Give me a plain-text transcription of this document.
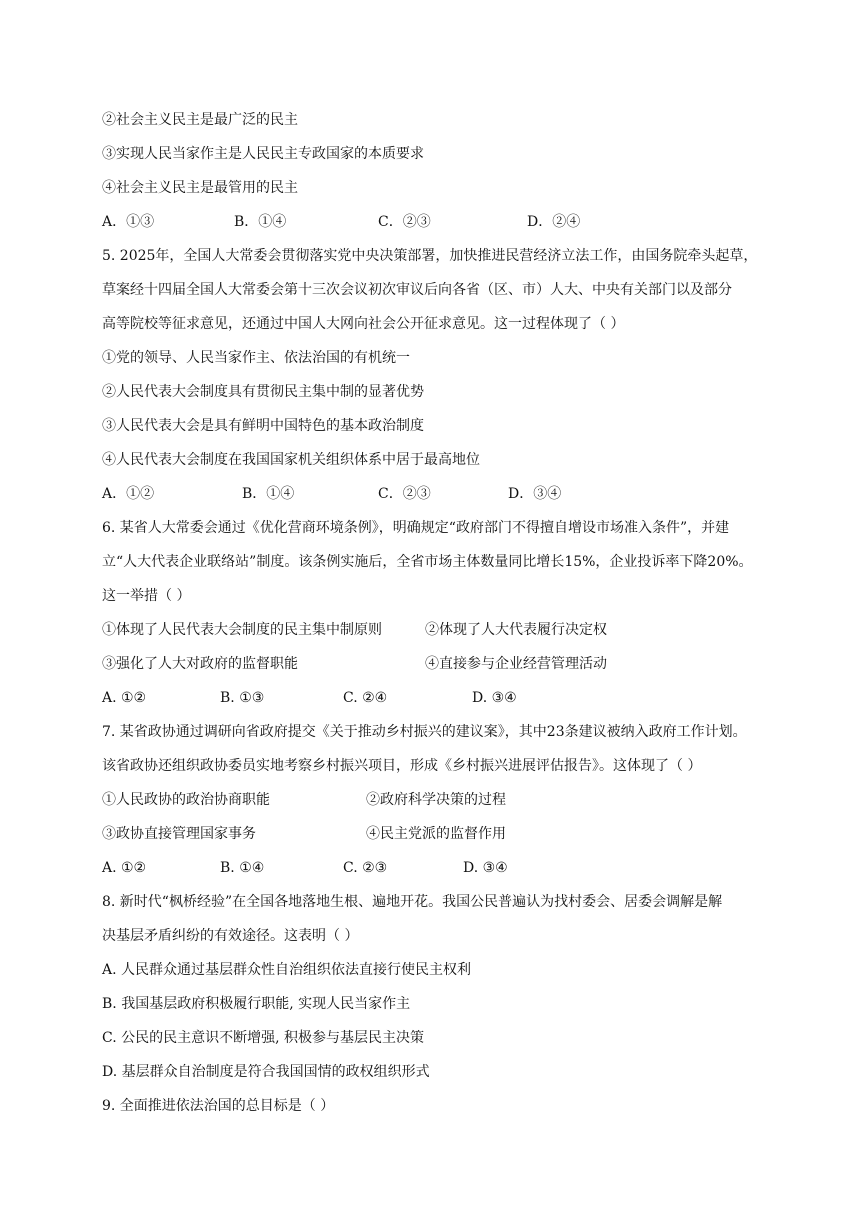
②社会主义民主是最广泛的民主
③实现人民当家作主是人民民主专政国家的本质要求
④社会主义民主是最管用的民主
A．①③	B．①④	C．②③	D．②④
5. 2025年，全国人大常委会贯彻落实党中央决策部署，加快推进民营经济立法工作，由国务院牵头起草，
草案经十四届全国人大常委会第十三次会议初次审议后向各省（区、市）人大、中央有关部门以及部分
高等院校等征求意见，还通过中国人大网向社会公开征求意见。这一过程体现了（ ）
①党的领导、人民当家作主、依法治国的有机统一
②人民代表大会制度具有贯彻民主集中制的显著优势
③人民代表大会是具有鲜明中国特色的基本政治制度
④人民代表大会制度在我国国家机关组织体系中居于最高地位
A．①②	B．①④	C．②③	D．③④
6. 某省人大常委会通过《优化营商环境条例》，明确规定“政府部门不得擅自增设市场准入条件”，并建
立“人大代表企业联络站”制度。该条例实施后，全省市场主体数量同比增长15%，企业投诉率下降20%。
这一举措（ ）
①体现了人民代表大会制度的民主集中制原则	②体现了人大代表履行决定权
③强化了人大对政府的监督职能	④直接参与企业经营管理活动
A. ①②	B. ①③	C. ②④	D. ③④
7. 某省政协通过调研向省政府提交《关于推动乡村振兴的建议案》，其中23条建议被纳入政府工作计划。
该省政协还组织政协委员实地考察乡村振兴项目，形成《乡村振兴进展评估报告》。这体现了（ ）
①人民政协的政治协商职能	②政府科学决策的过程
③政协直接管理国家事务	④民主党派的监督作用
A. ①②	B. ①④	C. ②③	D. ③④
8. 新时代“枫桥经验”在全国各地落地生根、遍地开花。我国公民普遍认为找村委会、居委会调解是解
决基层矛盾纠纷的有效途径。这表明（ ）
A. 人民群众通过基层群众性自治组织依法直接行使民主权利
B. 我国基层政府积极履行职能, 实现人民当家作主
C. 公民的民主意识不断增强, 积极参与基层民主决策
D. 基层群众自治制度是符合我国国情的政权组织形式
9. 全面推进依法治国的总目标是（ ）
